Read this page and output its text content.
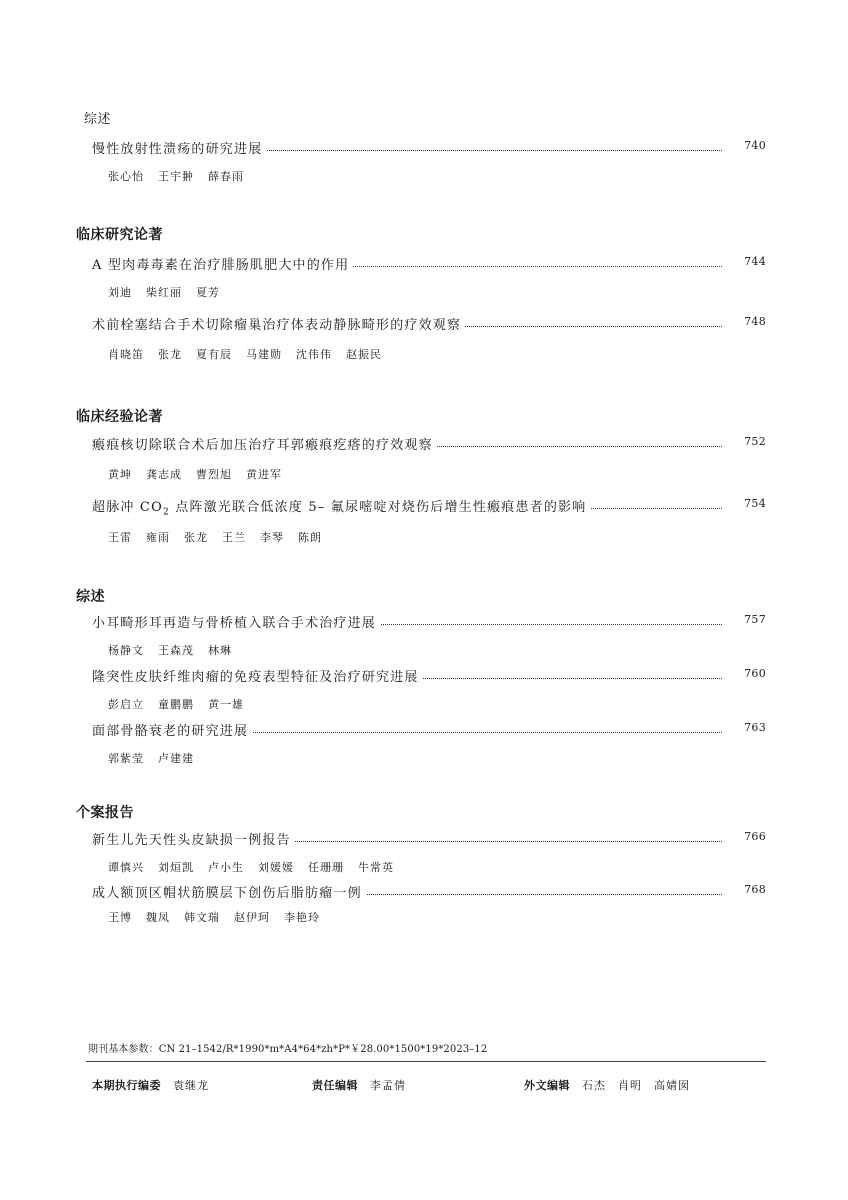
综述
慢性放射性溃疡的研究进展	740
张心怡 王宇翀 薛春雨
临床研究论著
A 型肉毒毒素在治疗腓肠肌肥大中的作用	744
刘迪 柴红丽 夏芳
术前栓塞结合手术切除瘤巢治疗体表动静脉畸形的疗效观察	748
肖晓笛 张龙 夏有辰 马建勋 沈伟伟 赵振民
临床经验论著
瘢痕核切除联合术后加压治疗耳郭瘢痕疙瘩的疗效观察	752
黄坤 龚志成 曹烈旭 黄进军
超脉冲 $CO_2$ 点阵激光联合低浓度 5– 氟尿嘧啶对烧伤后增生性瘢痕患者的影响	754
王雷 雍雨 张龙 王兰 李琴 陈朗
综述
小耳畸形耳再造与骨桥植入联合手术治疗进展	757
杨静文 王森茂 林琳
隆突性皮肤纤维肉瘤的免疫表型特征及治疗研究进展	760
彭启立 童鹏鹏 黄一雄
面部骨骼衰老的研究进展	763
郭紫莹 卢建建
个案报告
新生儿先天性头皮缺损一例报告	766
谭慎兴 刘烜凯 卢小生 刘媛媛 任珊珊 牛常英
成人额顶区帽状筋膜层下创伤后脂肪瘤一例	768
王博 魏凤 韩文瑞 赵伊珂 李艳玲
期刊基本参数：CN 21–1542/R*1990*m*A4*64*zh*P*￥28.00*1500*19*2023–12
本期执行编委 袁继龙	责任编辑 李孟倩	外文编辑 石杰 肖明 高婧囡
